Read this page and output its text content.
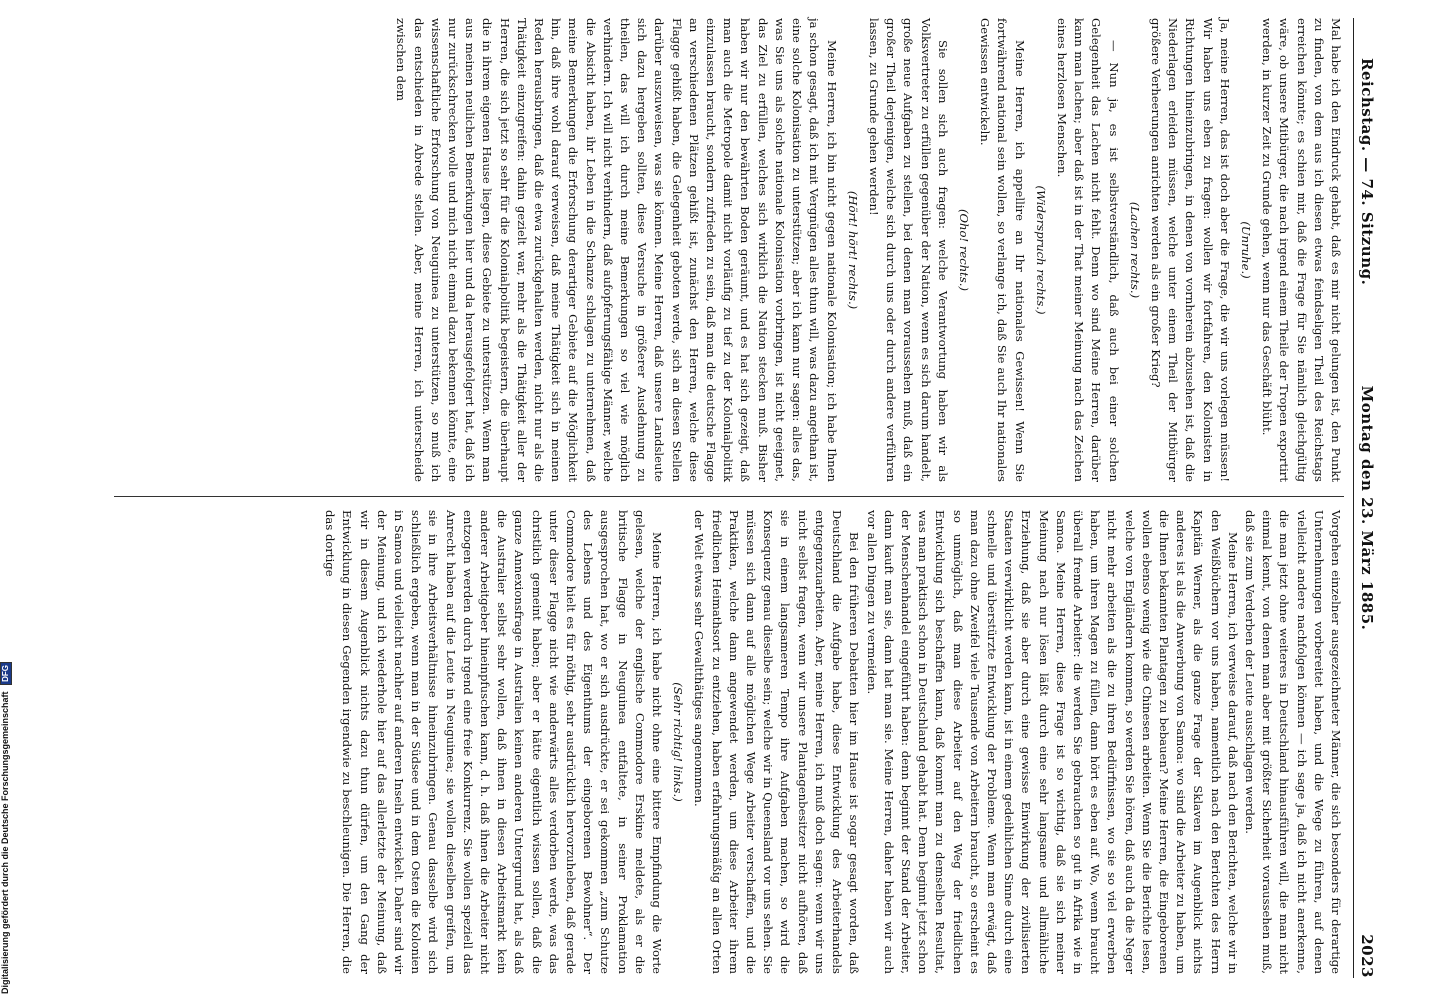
Reichstag. — 74. Sitzung.
Montag den 23. März 1885.
2023

Mal habe ich den Eindruck gehabt, daß es mir nicht gelungen ist, den Punkt zu finden, von dem aus ich diesen etwas feindseligen Theil des Reichstags erreichen könnte; es schien mir, daß die Frage für Sie nämlich gleichgültig wäre, ob unsere Mitbürger, die nach irgend einem Theile der Tropen exportirt werden, in kurzer Zeit zu Grunde gehen, wenn nur das Geschäft blüht.

(Unruhe.)

Ja, meine Herren, das ist doch aber die Frage, die wir uns vorlegen müssen! Wir haben uns eben zu fragen: wollen wir fortfahren, den Kolonisten in Richtungen hineinzubringen, in denen von vornherein abzusehen ist, daß die Niederlagen erleiden müssen, welche unter einem Theil der Mitbürger größere Verheerungen anrichten werden als ein großer Krieg?

(Lachen rechts.)

— Nun ja, es ist selbstverständlich, daß auch bei einer solchen Gelegenheit das Lachen nicht fehlt. Denn wo sind Meine Herren, darüber kann man lachen; aber daß ist in der That meiner Meinung nach das Zeichen eines herzlosen Menschen.

(Widerspruch rechts.)

Meine Herren, ich appellire an Ihr nationales Gewissen! Wenn Sie fortwährend national sein wollen, so verlange ich, daß Sie auch Ihr nationales Gewissen entwickeln.

(Oho! rechts.)

Sie sollen sich auch fragen: welche Verantwortung haben wir als Volksvertreter zu erfüllen gegenüber der Nation, wenn es sich darum handelt, große neue Aufgaben zu stellen, bei denen man voraussehen muß, daß ein großer Theil derjenigen, welche sich durch uns oder durch andere verführen lassen, zu Grunde gehen werden!

(Hört! hört! rechts.)

Meine Herren, ich bin nicht gegen nationale Kolonisation; ich habe Ihnen ja schon gesagt, daß ich mit Vergnügen alles thun will, was dazu angethan ist, eine solche Kolonisation zu unterstützen; aber ich kann nur sagen: alles das, was Sie uns als solche nationale Kolonisation vorbringen, ist nicht geeignet, das Ziel zu erfüllen, welches sich wirklich die Nation stecken muß. Bisher haben wir nur den bewährten Boden geräumt, und es hat sich gezeigt, daß man auch die Metropole damit nicht vorläufig zu tief zu der Kolonialpolitik einzulassen braucht, sondern zufrieden zu sein, daß man die deutsche Flagge an verschiedenen Plätzen gehißt ist, zunächst den Herren, welche diese Flagge gehißt haben, die Gelegenheit geboten werde, sich an diesen Stellen darüber auszuweisen, was sie können. Meine Herren, daß unsere Landsleute sich dazu hergeben sollten, diese Versuche in größerer Ausdehnung zu theilen, das will ich durch meine Bemerkungen so viel wie möglich verhindern. Ich will nicht verhindern, daß aufopferungsfähige Männer, welche die Absicht haben, ihr Leben in die Schanze schlagen zu unternehmen, daß meine Bemerkungen die Erforschung derartiger Gebiete auf die Möglichkeit hin, daß ihre wohl darauf verweisen, daß meine Thätigkeit sich in meinen Reden herausbringen, daß die etwa zurückgehalten werden, nicht nur als die Thätigkeit einzugreifen: dahin gezielt war, mehr als die Thätigkeit aller der Herren, die sich jetzt so sehr für die Kolonialpolitik begeistern, die überhaupt die in ihrem eigenen Hause liegen, diese Gebiete zu unterstützen. Wenn man aus meinen neulichen Bemerkungen hier und da herausgefolgert hat, daß ich nur zurückschrecken wolle und mich nicht einmal dazu bekennen könnte, eine wissenschaftliche Erforschung von Neuguinea zu unterstützen, so muß ich das entschieden in Abrede stellen. Aber, meine Herren, ich unterscheide zwischen dem

Vorgehen einzelner ausgezeichneter Männer, die sich besonders für derartige Unternehmungen vorbereitet haben, und die Wege zu führen, auf denen vielleicht andere nachfolgen können — ich sage ja, daß ich nicht anerkenne, die man jetzt ohne weiteres in Deutschland hinausführen will, die man nicht einmal kennt, von denen man aber mit größter Sicherheit voraussehen muß, daß sie zum Verderben der Leute ausschlagen werden.

Meine Herren, ich verweise darauf, daß nach den Berichten, welche wir in den Weißbüchern vor uns haben, namentlich nach den Berichten des Herrn Kapitän Werner, als die ganze Frage der Sklaven im Augenblick nichts anderes ist als die Anwerbung von Samoa: wo sind die Arbeiter zu haben, um die Ihnen bekannten Plantagen zu bebauen? Meine Herren, die Eingeborenen wollen ebenso wenig wie die Chinesen arbeiten. Wenn Sie die Berichte lesen, welche von Engländern kommen, so werden Sie hören, daß auch da die Neger nicht mehr arbeiten als die zu ihren Bedürfnissen, wo sie so viel erwerben haben, um ihren Magen zu füllen, dann hört es eben auf. Wo, wenn braucht überall fremde Arbeiter: die werden Sie gebrauchen so gut in Afrika wie in Samoa. Meine Herren, diese Frage ist so wichtig, daß sie sich meiner Meinung nach nur lösen läßt durch eine sehr langsame und allmähliche Erziehung, daß sie aber durch eine gewisse Einwirkung der zivilisierten Staaten verwirklicht werden kann, ist in einem gedeihlichen Sinne durch eine schnelle und überstürzte Entwicklung der Probleme. Wenn man erwägt, daß man dazu ohne Zweifel viele Tausende von Arbeitern braucht, so erscheint es so unmöglich, daß man diese Arbeiter auf den Weg der friedlichen Entwicklung sich beschaffen kann, daß kommt man zu demselben Resultat, was man praktisch schon in Deutschland gehabt hat. Denn beginnt jetzt schon der Menschenhandel eingeführt haben: denn beginnt der Stand der Arbeiter, dann kauft man sie, dann hat man sie. Meine Herren, daher haben wir auch vor allen Dingen zu vermeiden.

Bei den früheren Debatten hier im Hause ist sogar gesagt worden, daß Deutschland die Aufgabe habe, diese Entwicklung des Arbeiterhandels entgegenzuarbeiten. Aber, meine Herren, ich muß doch sagen: wenn wir uns nicht selbst fragen, wenn wir unsere Plantagenbesitzer nicht aufhören, daß sie in einem langsameren Tempo ihre Aufgaben machen, so wird die Konsequenz genau dieselbe sein; welche wir in Queensland vor uns sehen. Sie müssen sich dann auf alle möglichen Wege Arbeiter verschaffen, und die Praktiken, welche dann angewendet werden, um diese Arbeiter ihrem friedlichen Heimathsort zu entziehen, haben erfahrungsmäßig an allen Orten der Welt etwas sehr Gewaltthätiges angenommen.

(Sehr richtig! links.)

Meine Herren, ich habe nicht ohne eine bittere Empfindung die Worte gelesen, welche der englische Commodore Erskine meldete, als er die britische Flagge in Neuguinea entfaltete, in seiner Proklamation ausgesprochen hat, wo er sich ausdrückte, er sei gekommen „zum Schutze des Lebens und des Eigenthums der eingeborenen Bewohner“. Der Commodore hielt es für nöthig, sehr ausdrücklich hervorzuheben, daß gerade unter dieser Flagge nicht wie anderwärts alles verdorben werde, was das christlich gemeint haben; aber er hätte eigentlich wissen sollen, daß die ganze Annexionsfrage in Australien keinen anderen Untergrund hat, als daß die Australier selbst sehr wollen, daß ihnen in diesen Arbeitsmarkt kein anderer Arbeitgeber hineinpfuschen kann, d. h. daß ihnen die Arbeiter nicht entzogen werden durch irgend eine freie Konkurrenz. Sie wollen speziell das Anrecht haben auf die Leute in Neuguinea; sie wollen dieselben greifen, um sie in ihre Arbeitsverhältnisse hineinzubringen. Genau dasselbe wird sich schließlich ergeben, wenn man in der Südsee und in dem Osten die Kolonien in Samoa und vielleicht nachher auf anderen Inseln entwickelt. Daher sind wir der Meinung, und ich wiederhole hier auf das allerletzte der Meinung, daß wir in diesem Augenblick nichts dazu thun dürfen, um den Gang der Entwicklung in diesen Gegenden irgendwie zu beschleunigen. Die Herren, die das dortige

Digitalisierung gefördert durch die Deutsche Forschungsgemeinschaft DFG
